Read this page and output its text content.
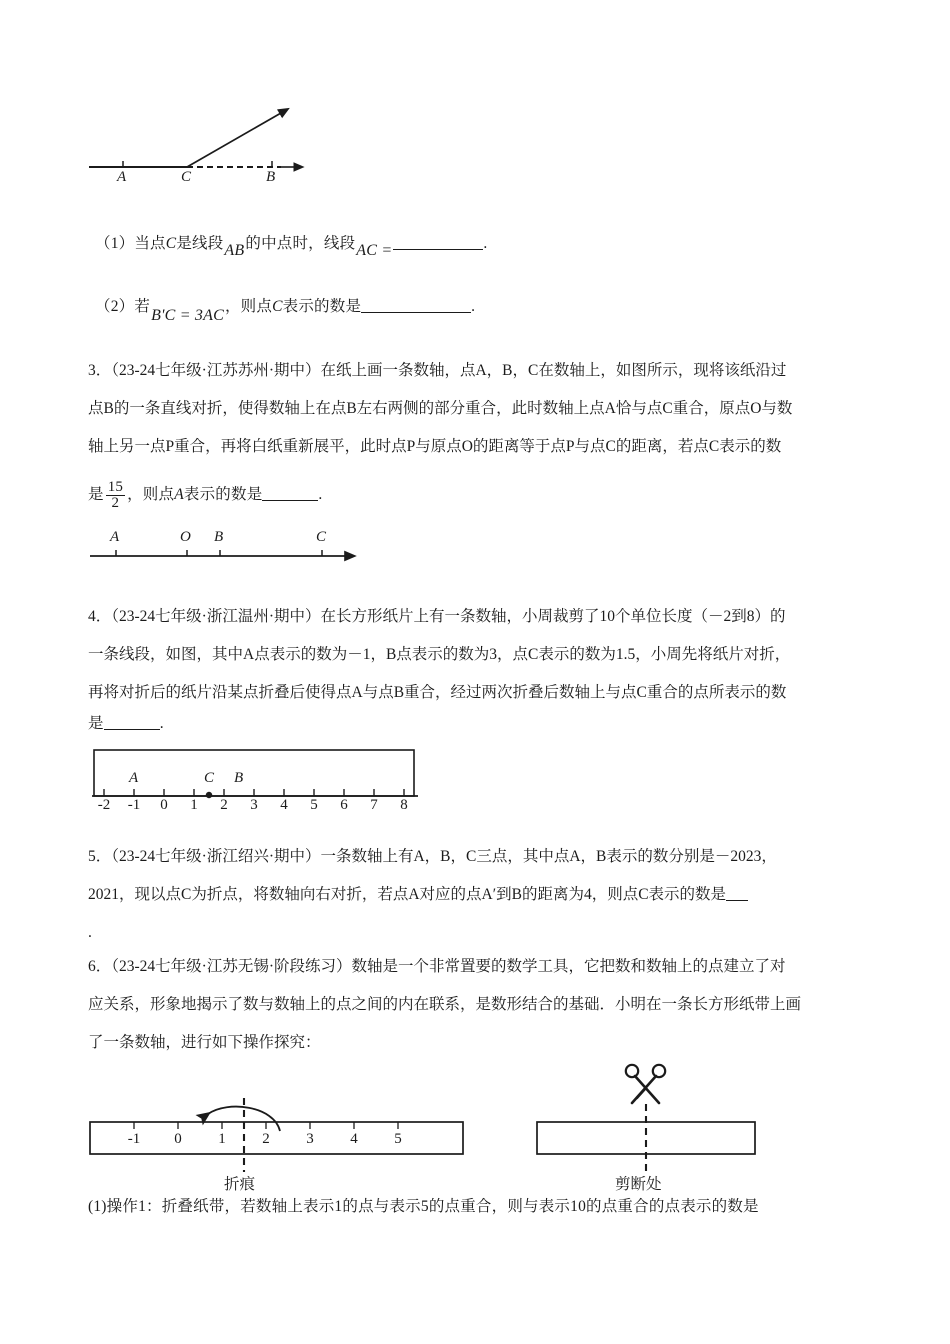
A	C	B
（1）当点C是线段AB的中点时，线段AC =	.
（2）若B'C = 3AC，则点C表示的数是	.

3．（23-24七年级·江苏苏州·期中）在纸上画一条数轴，点A，B，C在数轴上，如图所示，现将该纸沿过

点B的一条直线对折，使得数轴上在点B左右两侧的部分重合，此时数轴上点A恰与点C重合，原点O与数

轴上另一点P重合，再将白纸重新展平，此时点P与原点O的距离等于点P与点C的距离，若点C表示的数

是 $\frac{15}{2}$ ，则点A表示的数是	.
A	O B	C

4．（23-24七年级·浙江温州·期中）在长方形纸片上有一条数轴，小周裁剪了10个单位长度（－2到8）的

一条线段，如图，其中A点表示的数为－1，B点表示的数为3，点C表示的数为1.5，小周先将纸片对折，

再将对折后的纸片沿某点折叠后使得点A与点B重合，经过两次折叠后数轴上与点C重合的点所表示的数

是	.
A	C B
-2	-1	0	1	2	3	4	5	6	7	8

5．（23-24七年级·浙江绍兴·期中）一条数轴上有A，B，C三点，其中点A，B表示的数分别是－2023，

2021，现以点C为折点，将数轴向右对折，若点A对应的点A′到B的距离为4，则点C表示的数是

.

6．（23-24七年级·江苏无锡·阶段练习）数轴是一个非常置要的数学工具，它把数和数轴上的点建立了对

应关系，形象地揭示了数与数轴上的点之间的内在联系，是数形结合的基础．小明在一条长方形纸带上画

了一条数轴，进行如下操作探究：

-1	0	1	2	3	4	5
折痕	剪断处
(1)操作1：折叠纸带，若数轴上表示1的点与表示5的点重合，则与表示10的点重合的点表示的数是
